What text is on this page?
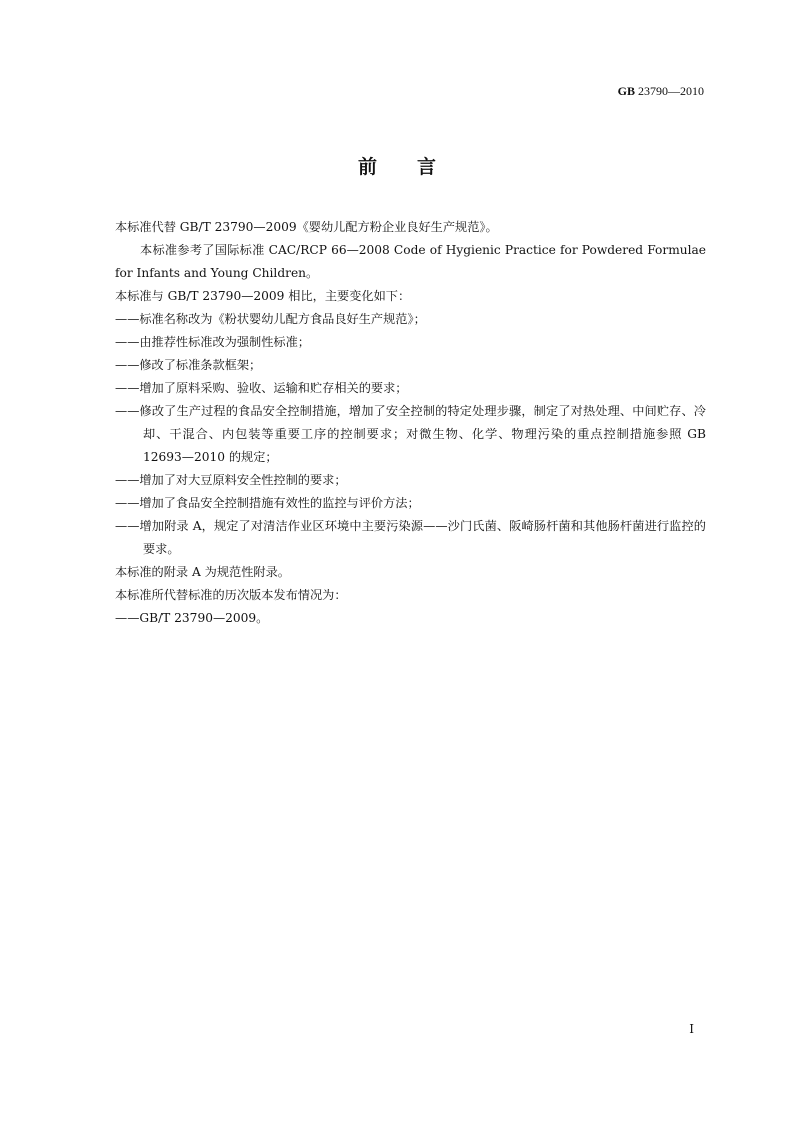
GB 23790—2010
前言

本标准代替 GB/T 23790—2009《婴幼儿配方粉企业良好生产规范》。

本标准参考了国际标准 CAC/RCP 66—2008 Code of Hygienic Practice for Powdered Formulae for Infants and Young Children。

本标准与 GB/T 23790—2009 相比，主要变化如下：

——标准名称改为《粉状婴幼儿配方食品良好生产规范》；

——由推荐性标准改为强制性标准；

——修改了标准条款框架；

——增加了原料采购、验收、运输和贮存相关的要求；

——修改了生产过程的食品安全控制措施，增加了安全控制的特定处理步骤，制定了对热处理、中间贮存、冷却、干混合、内包装等重要工序的控制要求；对微生物、化学、物理污染的重点控制措施参照 GB 12693—2010 的规定；

——增加了对大豆原料安全性控制的要求；

——增加了食品安全控制措施有效性的监控与评价方法；

——增加附录 A，规定了对清洁作业区环境中主要污染源——沙门氏菌、阪崎肠杆菌和其他肠杆菌进行监控的要求。

本标准的附录 A 为规范性附录。

本标准所代替标准的历次版本发布情况为：

——GB/T 23790—2009。

I
